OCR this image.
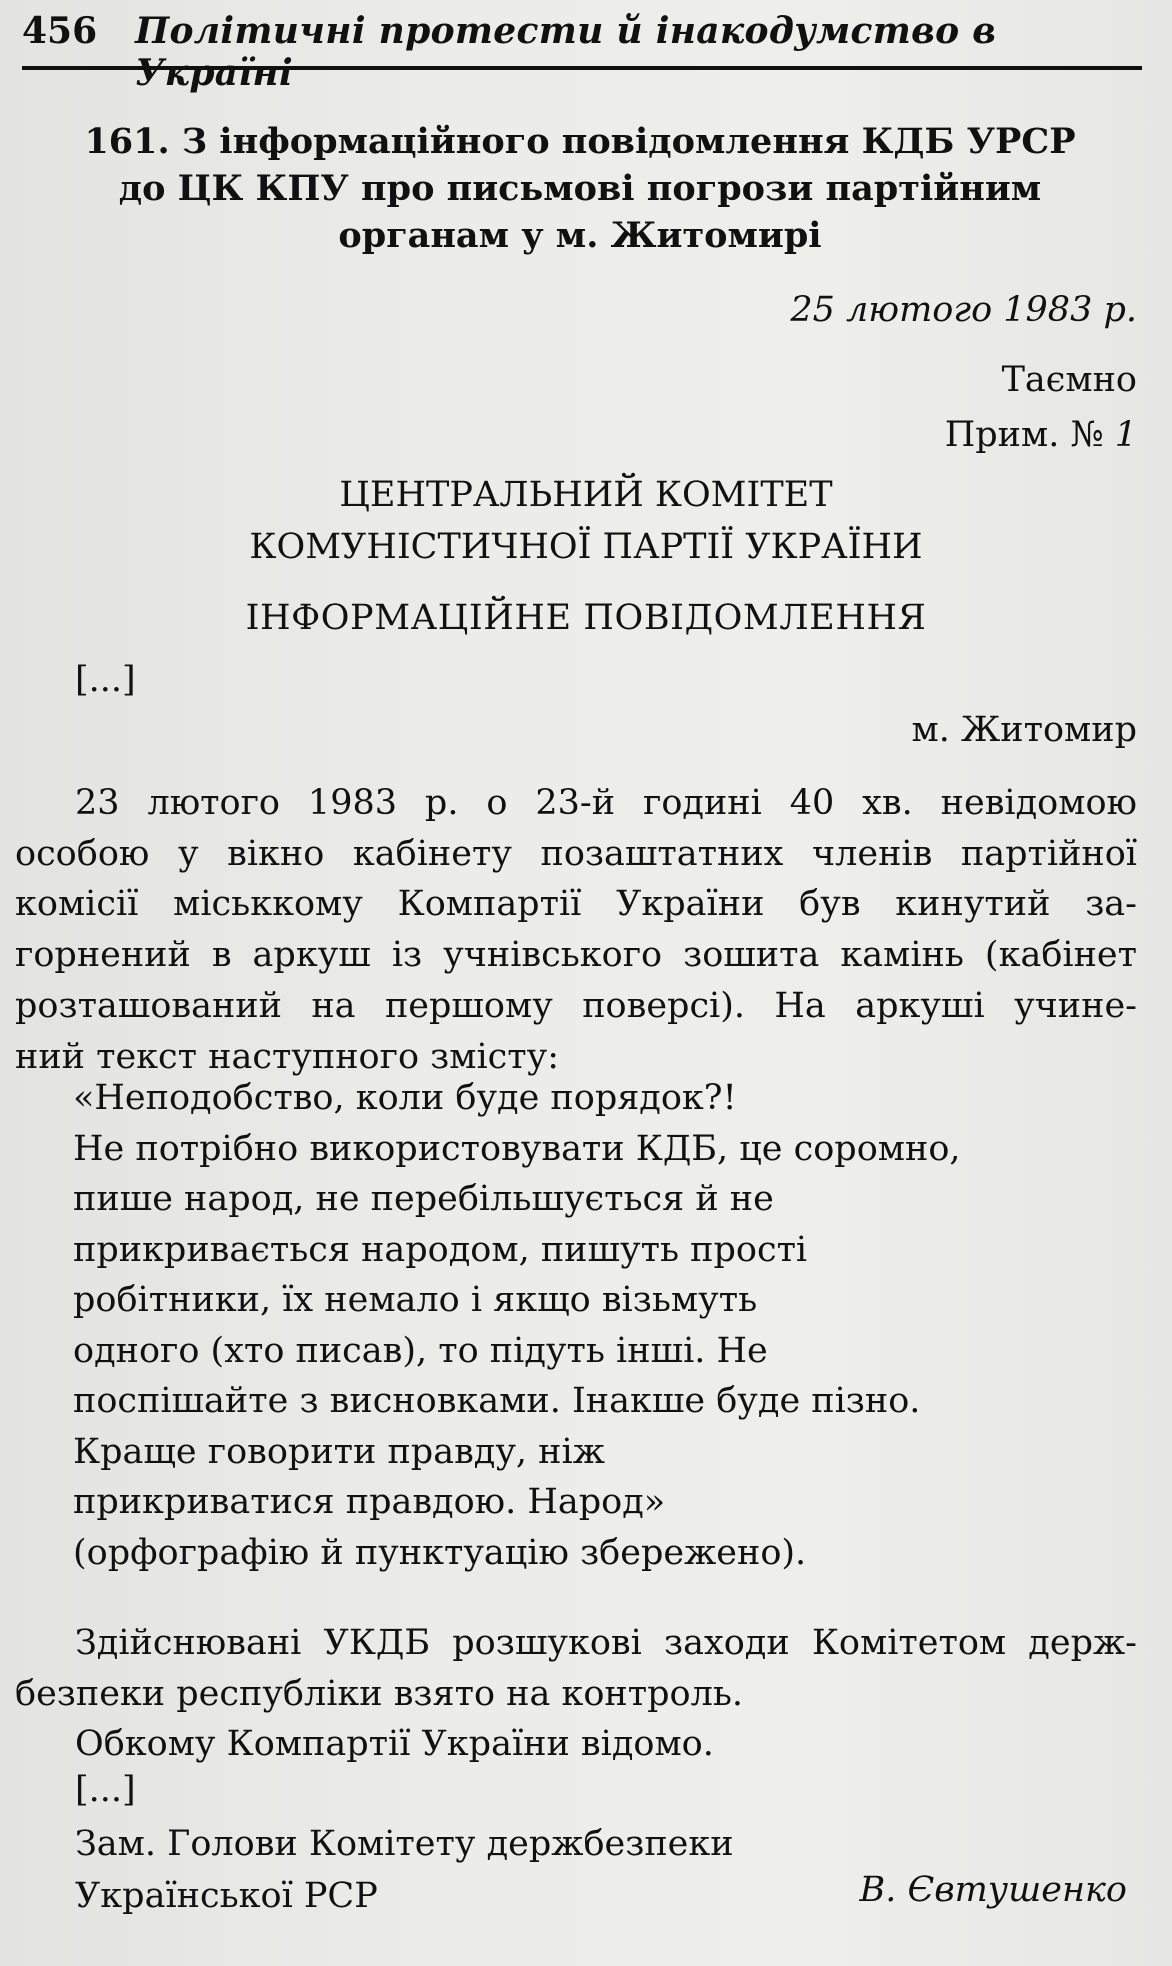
456 Політичні протести й інакодумство в Україні
161. З інформаційного повідомлення КДБ УРСР
до ЦК КПУ про письмові погрози партійним
органам у м. Житомирі
25 лютого 1983 р.
Таємно
Прим. № 1
ЦЕНТРАЛЬНИЙ КОМІТЕТ
КОМУНІСТИЧНОЇ ПАРТІЇ УКРАЇНИ
ІНФОРМАЦІЙНЕ ПОВІДОМЛЕННЯ
[...]
м. Житомир
23 лютого 1983 р. о 23-й годині 40 хв. невідомою
особою у вікно кабінету позаштатних членів партійної
комісії міськкому Компартії України був кинутий за-
горнений в аркуш із учнівського зошита камінь (кабінет
розташований на першому поверсі). На аркуші учине-
ний текст наступного змісту:
«Неподобство, коли буде порядок?!
Не потрібно використовувати КДБ, це соромно,
пише народ, не перебільшується й не
прикривається народом, пишуть прості
робітники, їх немало і якщо візьмуть
одного (хто писав), то підуть інші. Не
поспішайте з висновками. Інакше буде пізно.
Краще говорити правду, ніж
прикриватися правдою. Народ»
(орфографію й пунктуацію збережено).
Здійснювані УКДБ розшукові заходи Комітетом держ-
безпеки республіки взято на контроль.
Обкому Компартії України відомо.
[...]
Зам. Голови Комітету держбезпеки
Української РСР	В. Євтушенко
